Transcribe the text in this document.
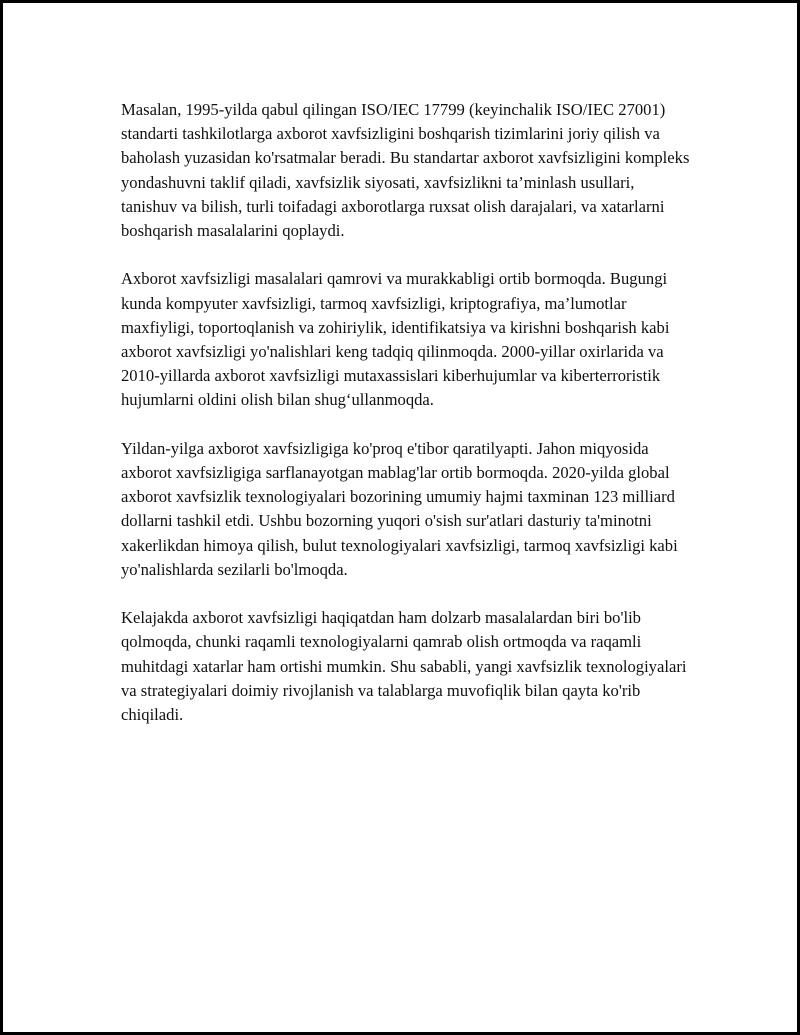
Masalan, 1995-yilda qabul qilingan ISO/IEC 17799 (keyinchalik ISO/IEC 27001) standarti tashkilotlarga axborot xavfsizligini boshqarish tizimlarini joriy qilish va baholash yuzasidan ko'rsatmalar beradi. Bu standartar axborot xavfsizligini kompleks yondashuvni taklif qiladi, xavfsizlik siyosati, xavfsizlikni ta’minlash usullari, tanishuv va bilish, turli toifadagi axborotlarga ruxsat olish darajalari, va xatarlarni boshqarish masalalarini qoplaydi.

Axborot xavfsizligi masalalari qamrovi va murakkabligi ortib bormoqda. Bugungi kunda kompyuter xavfsizligi, tarmoq xavfsizligi, kriptografiya, ma’lumotlar maxfiyligi, toportoqlanish va zohiriylik, identifikatsiya va kirishni boshqarish kabi axborot xavfsizligi yo'nalishlari keng tadqiq qilinmoqda. 2000-yillar oxirlarida va 2010-yillarda axborot xavfsizligi mutaxassislari kiberhujumlar va kiberterroristik hujumlarni oldini olish bilan shug‘ullanmoqda.

Yildan-yilga axborot xavfsizligiga ko'proq e'tibor qaratilyapti. Jahon miqyosida axborot xavfsizligiga sarflanayotgan mablag'lar ortib bormoqda. 2020-yilda global axborot xavfsizlik texnologiyalari bozorining umumiy hajmi taxminan 123 milliard dollarni tashkil etdi. Ushbu bozorning yuqori o'sish sur'atlari dasturiy ta'minotni xakerlikdan himoya qilish, bulut texnologiyalari xavfsizligi, tarmoq xavfsizligi kabi yo'nalishlarda sezilarli bo'lmoqda.

Kelajakda axborot xavfsizligi haqiqatdan ham dolzarb masalalardan biri bo'lib qolmoqda, chunki raqamli texnologiyalarni qamrab olish ortmoqda va raqamli muhitdagi xatarlar ham ortishi mumkin. Shu sababli, yangi xavfsizlik texnologiyalari va strategiyalari doimiy rivojlanish va talablarga muvofiqlik bilan qayta ko'rib chiqiladi.
